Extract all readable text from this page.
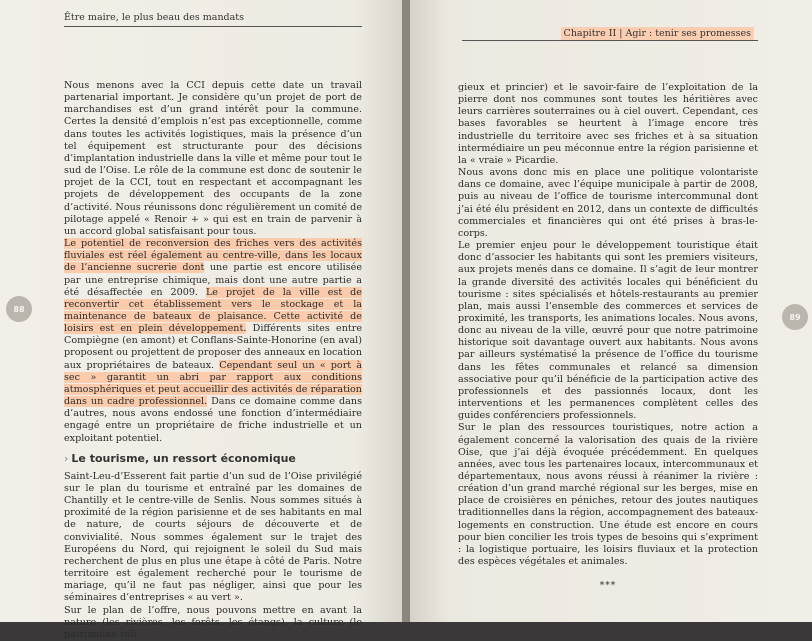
Être maire, le plus beau des mandats

Nous menons avec la CCI depuis cette date un travail partenarial important. Je considère qu’un projet de port de marchandises est d’un grand intérêt pour la commune. Certes la densité d’emplois n’est pas exceptionnelle, comme dans toutes les activités logistiques, mais la présence d’un tel équipement est structurante pour des décisions d’implantation industrielle dans la ville et même pour tout le sud de l’Oise. Le rôle de la commune est donc de soutenir le projet de la CCI, tout en respectant et accompagnant les projets de développement des occupants de la zone d’activité. Nous réunissons donc régulièrement un comité de pilotage appelé « Renoir + » qui est en train de parvenir à un accord global satisfaisant pour tous.

Le potentiel de reconversion des friches vers des activités fluviales est réel également au centre-ville, dans les locaux de l’ancienne sucrerie dont une partie est encore utilisée par une entreprise chimique, mais dont une autre partie a été désaffectée en 2009. Le projet de la ville est de reconvertir cet établissement vers le stockage et la maintenance de bateaux de plaisance. Cette activité de loisirs est en plein développement. Différents sites entre Compiègne (en amont) et Conflans-Sainte-Honorine (en aval) proposent ou projettent de proposer des anneaux en location aux propriétaires de bateaux. Cependant seul un « port à sec » garantit un abri par rapport aux conditions atmosphériques et peut accueillir des activités de réparation dans un cadre professionnel. Dans ce domaine comme dans d’autres, nous avons endossé une fonction d’intermédiaire engagé entre un propriétaire de friche industrielle et un exploitant potentiel.

› Le tourisme, un ressort économique

Saint-Leu-d’Esserent fait partie d’un sud de l’Oise privilégié sur le plan du tourisme et entraîné par les domaines de Chantilly et le centre-ville de Senlis. Nous sommes situés à proximité de la région parisienne et de ses habitants en mal de nature, de courts séjours de découverte et de convivialité. Nous sommes également sur le trajet des Européens du Nord, qui rejoignent le soleil du Sud mais recherchent de plus en plus une étape à côté de Paris. Notre territoire est également recherché pour le tourisme de mariage, qu’il ne faut pas négliger, ainsi que pour les séminaires d’entreprises « au vert ».

Sur le plan de l’offre, nous pouvons mettre en avant la nature (les rivières, les forêts, les étangs), la culture (le patrimoine reli-

88
Chapitre II | Agir : tenir ses promesses

gieux et princier) et le savoir-faire de l’exploitation de la pierre dont nos communes sont toutes les héritières avec leurs carrières souterraines ou à ciel ouvert. Cependant, ces bases favorables se heurtent à l’image encore très industrielle du territoire avec ses friches et à sa situation intermédiaire un peu méconnue entre la région parisienne et la « vraie » Picardie.

Nous avons donc mis en place une politique volontariste dans ce domaine, avec l’équipe municipale à partir de 2008, puis au niveau de l’office de tourisme intercommunal dont j’ai été élu président en 2012, dans un contexte de difficultés commerciales et financières qui ont été prises à bras-le-corps.

Le premier enjeu pour le développement touristique était donc d’associer les habitants qui sont les premiers visiteurs, aux projets menés dans ce domaine. Il s’agit de leur montrer la grande diversité des activités locales qui bénéficient du tourisme : sites spécialisés et hôtels-restaurants au premier plan, mais aussi l’ensemble des commerces et services de proximité, les transports, les animations locales. Nous avons, donc au niveau de la ville, œuvré pour que notre patrimoine historique soit davantage ouvert aux habitants. Nous avons par ailleurs systématisé la présence de l’office du tourisme dans les fêtes communales et relancé sa dimension associative pour qu’il bénéficie de la participation active des professionnels et des passionnés locaux, dont les interventions et les permanences complètent celles des guides conférenciers professionnels.

Sur le plan des ressources touristiques, notre action a également concerné la valorisation des quais de la rivière Oise, que j’ai déjà évoquée précédemment. En quelques années, avec tous les partenaires locaux, intercommunaux et départementaux, nous avons réussi à réanimer la rivière : création d’un grand marché régional sur les berges, mise en place de croisières en péniches, retour des joutes nautiques traditionnelles dans la région, accompagnement des bateaux-logements en construction. Une étude est encore en cours pour bien concilier les trois types de besoins qui s’expriment : la logistique portuaire, les loisirs fluviaux et la protection des espèces végétales et animales.

***
89
